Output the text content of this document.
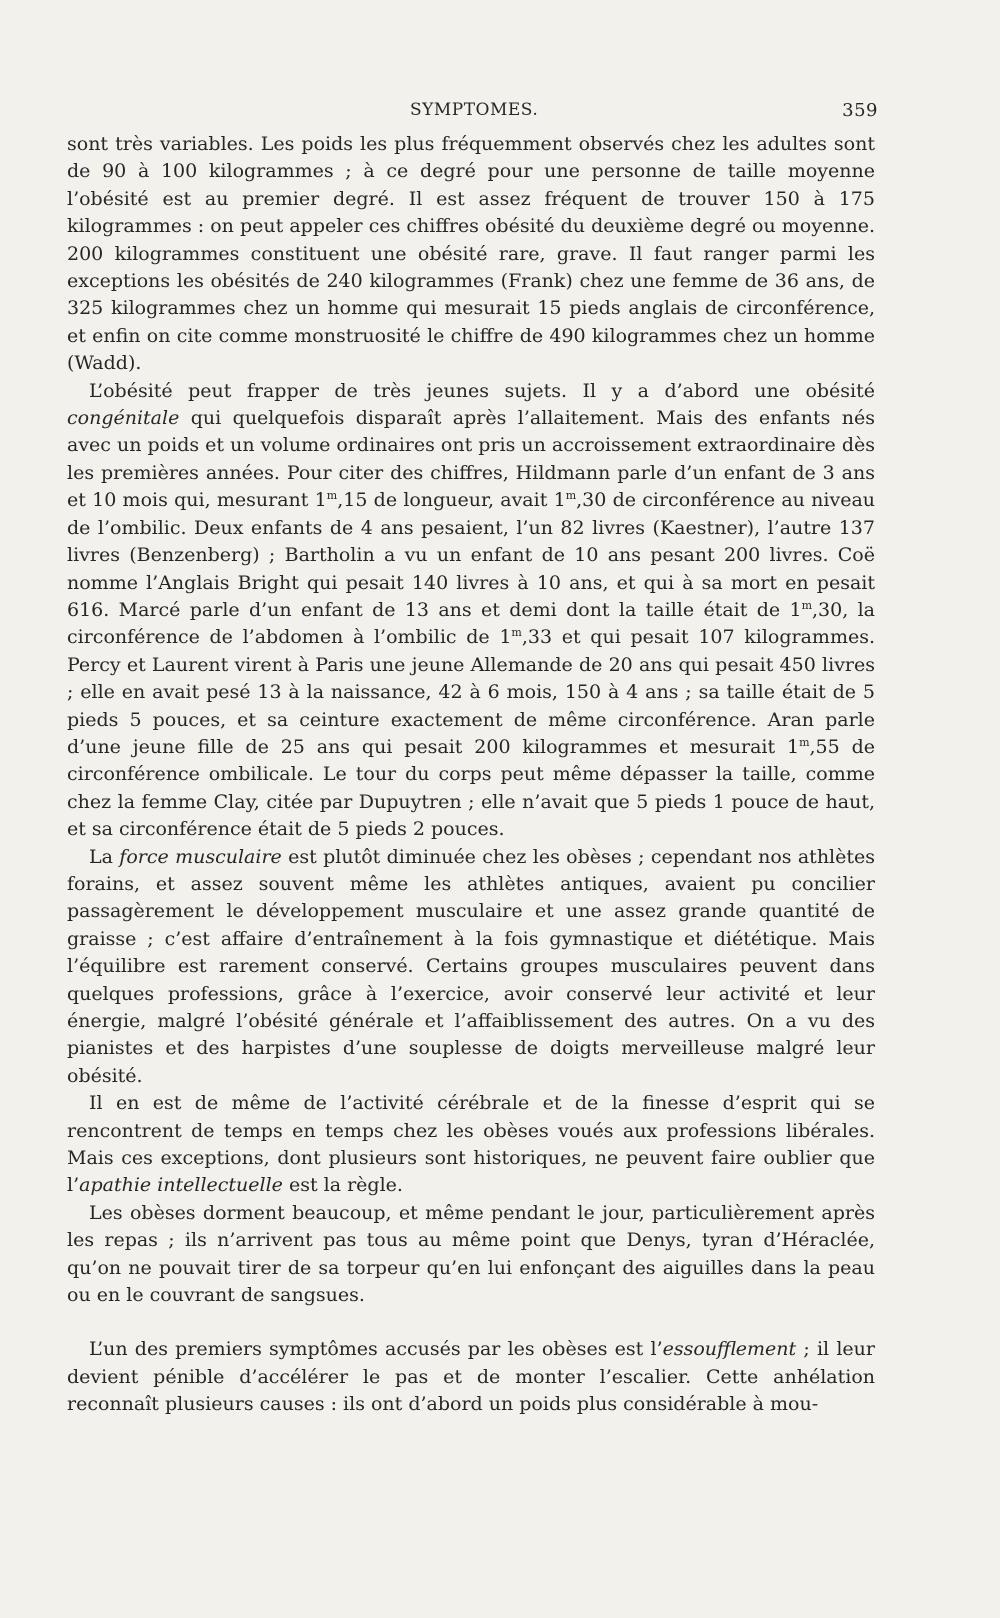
SYMPTOMES.	359

sont très variables. Les poids les plus fréquemment observés chez les adultes sont de 90 à 100 kilogrammes ; à ce degré pour une personne de taille moyenne l’obésité est au premier degré. Il est assez fréquent de trouver 150 à 175 kilogrammes : on peut appeler ces chiffres obésité du deuxième degré ou moyenne. 200 kilogrammes constituent une obésité rare, grave. Il faut ranger parmi les exceptions les obésités de 240 kilogrammes (Frank) chez une femme de 36 ans, de 325 kilogrammes chez un homme qui mesurait 15 pieds anglais de circonférence, et enfin on cite comme monstruosité le chiffre de 490 kilogrammes chez un homme (Wadd).

L’obésité peut frapper de très jeunes sujets. Il y a d’abord une obésité congénitale qui quelquefois disparaît après l’allaitement. Mais des enfants nés avec un poids et un volume ordinaires ont pris un accroissement extraordinaire dès les premières années. Pour citer des chiffres, Hildmann parle d’un enfant de 3 ans et 10 mois qui, mesurant 1$^m$,15 de longueur, avait 1$^m$,30 de circonférence au niveau de l’ombilic. Deux enfants de 4 ans pesaient, l’un 82 livres (Kaestner), l’autre 137 livres (Benzenberg) ; Bartholin a vu un enfant de 10 ans pesant 200 livres. Coë nomme l’Anglais Bright qui pesait 140 livres à 10 ans, et qui à sa mort en pesait 616. Marcé parle d’un enfant de 13 ans et demi dont la taille était de 1$^m$,30, la circonférence de l’abdomen à l’ombilic de 1$^m$,33 et qui pesait 107 kilogrammes. Percy et Laurent virent à Paris une jeune Allemande de 20 ans qui pesait 450 livres ; elle en avait pesé 13 à la naissance, 42 à 6 mois, 150 à 4 ans ; sa taille était de 5 pieds 5 pouces, et sa ceinture exactement de même circonférence. Aran parle d’une jeune fille de 25 ans qui pesait 200 kilogrammes et mesurait 1$^m$,55 de circonférence ombilicale. Le tour du corps peut même dépasser la taille, comme chez la femme Clay, citée par Dupuytren ; elle n’avait que 5 pieds 1 pouce de haut, et sa circonférence était de 5 pieds 2 pouces.

La force musculaire est plutôt diminuée chez les obèses ; cependant nos athlètes forains, et assez souvent même les athlètes antiques, avaient pu concilier passagèrement le développement musculaire et une assez grande quantité de graisse ; c’est affaire d’entraînement à la fois gymnastique et diététique. Mais l’équilibre est rarement conservé. Certains groupes musculaires peuvent dans quelques professions, grâce à l’exercice, avoir conservé leur activité et leur énergie, malgré l’obésité générale et l’affaiblissement des autres. On a vu des pianistes et des harpistes d’une souplesse de doigts merveilleuse malgré leur obésité.

Il en est de même de l’activité cérébrale et de la finesse d’esprit qui se rencontrent de temps en temps chez les obèses voués aux professions libérales. Mais ces exceptions, dont plusieurs sont historiques, ne peuvent faire oublier que l’apathie intellectuelle est la règle.

Les obèses dorment beaucoup, et même pendant le jour, particulièrement après les repas ; ils n’arrivent pas tous au même point que Denys, tyran d’Héraclée, qu’on ne pouvait tirer de sa torpeur qu’en lui enfonçant des aiguilles dans la peau ou en le couvrant de sangsues.

L’un des premiers symptômes accusés par les obèses est l’essoufflement ; il leur devient pénible d’accélérer le pas et de monter l’escalier. Cette anhélation reconnaît plusieurs causes : ils ont d’abord un poids plus considérable à mou-
